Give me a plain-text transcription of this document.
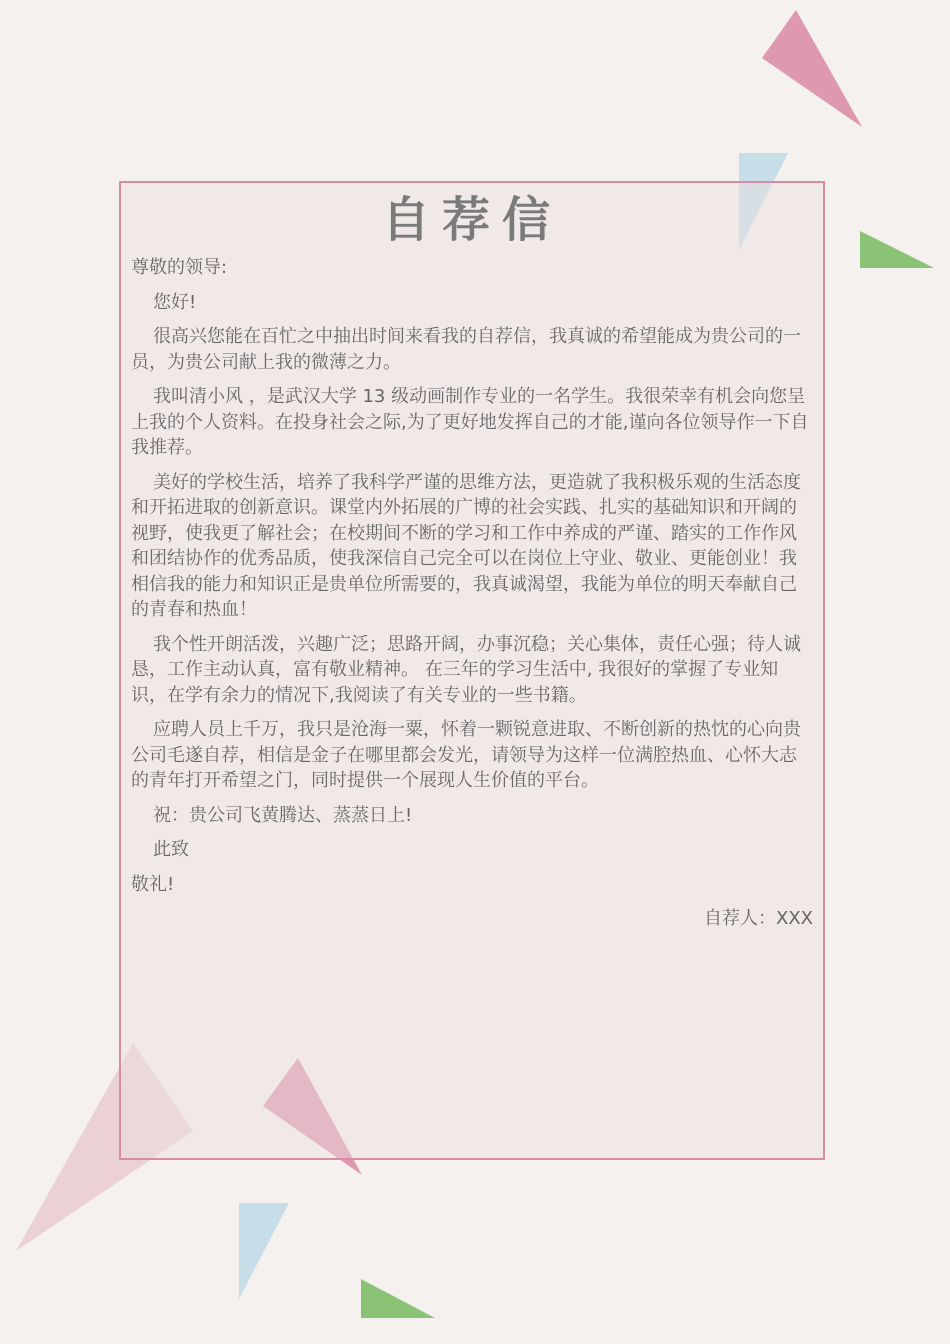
自荐信

尊敬的领导:

您好!

很高兴您能在百忙之中抽出时间来看我的自荐信，我真诚的希望能成为贵公司的一员，为贵公司献上我的微薄之力。

我叫清小风 ，是武汉大学 13 级动画制作专业的一名学生。我很荣幸有机会向您呈上我的个人资料。在投身社会之际,为了更好地发挥自己的才能,谨向各位领导作一下自我推荐。

美好的学校生活，培养了我科学严谨的思维方法，更造就了我积极乐观的生活态度和开拓进取的创新意识。课堂内外拓展的广博的社会实践、扎实的基础知识和开阔的视野，使我更了解社会；在校期间不断的学习和工作中养成的严谨、踏实的工作作风和团结协作的优秀品质，使我深信自己完全可以在岗位上守业、敬业、更能创业！我相信我的能力和知识正是贵单位所需要的，我真诚渴望，我能为单位的明天奉献自己的青春和热血！

我个性开朗活泼，兴趣广泛；思路开阔，办事沉稳；关心集体，责任心强；待人诚恳，工作主动认真，富有敬业精神。 在三年的学习生活中, 我很好的掌握了专业知识，在学有余力的情况下,我阅读了有关专业的一些书籍。

应聘人员上千万，我只是沧海一粟，怀着一颗锐意进取、不断创新的热忱的心向贵公司毛遂自荐，相信是金子在哪里都会发光，请领导为这样一位满腔热血、心怀大志的青年打开希望之门，同时提供一个展现人生价值的平台。

祝：贵公司飞黄腾达、蒸蒸日上!

此致

敬礼!

自荐人：XXX
